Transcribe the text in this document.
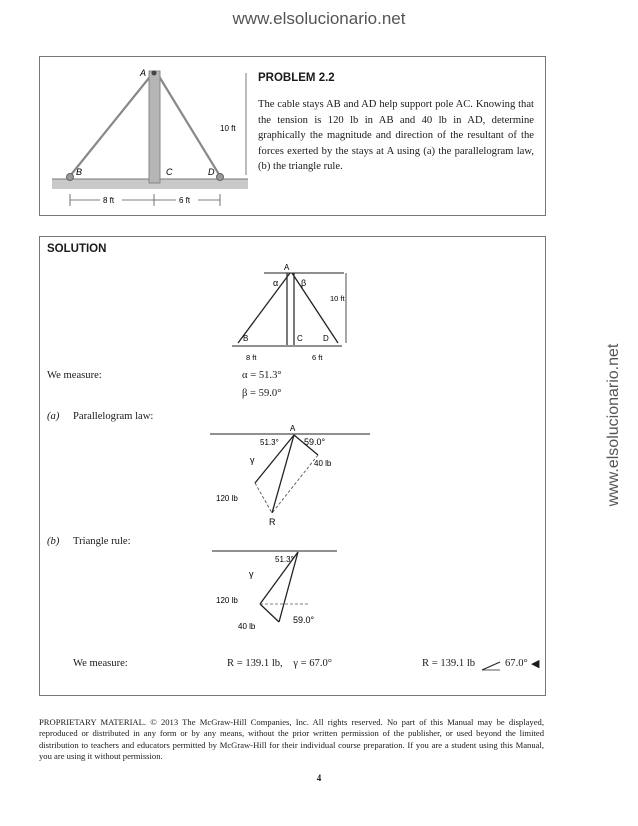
www.elsolucionario.net
www.elsolucionario.net
A
B	C	D
10 ft
8 ft	6 ft
PROBLEM 2.2
The cable stays AB and AD help support pole AC. Knowing that the tension is 120 lb in AB and 40 lb in AD, determine graphically the magnitude and direction of the resultant of the forces exerted by the stays at A using (a) the parallelogram law, (b) the triangle rule.
SOLUTION
A
B	C	D
α	β
10 ft
8 ft	6 ft
We measure:	α = 51.3°
β = 59.0°
(a) Parallelogram law:
A
51.3°	59.0°
γ	40 lb
120 lb
R
(b) Triangle rule:
51.3°
γ
120 lb
40 lb
59.0°
We measure:	R = 139.1 lb,    γ = 67.0°	R = 139.1 lb	67.0° ◀
PROPRIETARY MATERIAL. © 2013 The McGraw-Hill Companies, Inc. All rights reserved. No part of this Manual may be displayed, reproduced or distributed in any form or by any means, without the prior written permission of the publisher, or used beyond the limited distribution to teachers and educators permitted by McGraw-Hill for their individual course preparation. If you are a student using this Manual, you are using it without permission.
4
